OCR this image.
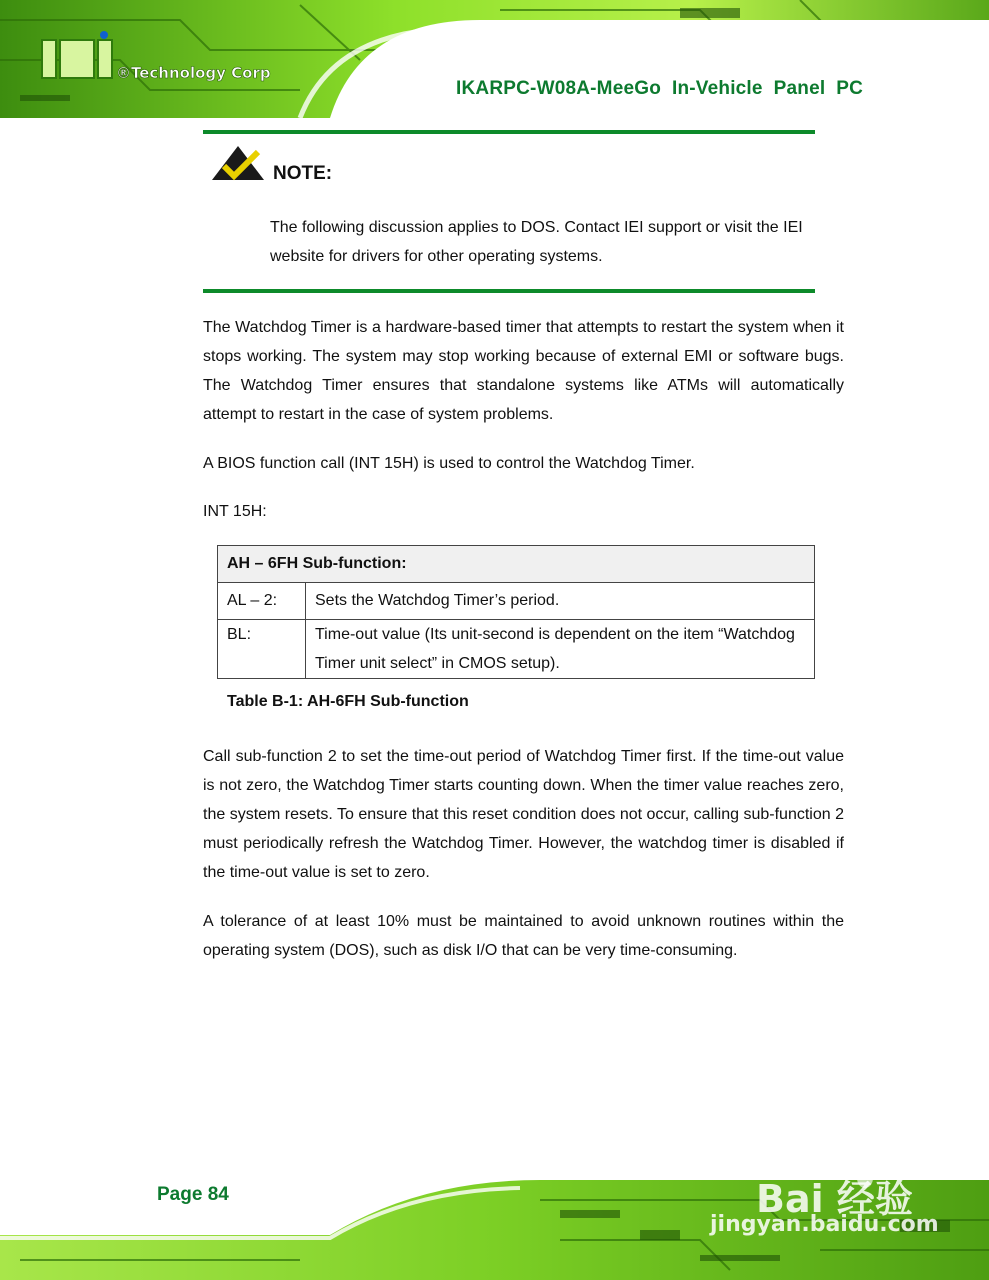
®Technology Corp
IKARPC-W08A-MeeGo  In-Vehicle  Panel  PC
NOTE:
The following discussion applies to DOS. Contact IEI support or visit the IEI website for drivers for other operating systems.
The Watchdog Timer is a hardware-based timer that attempts to restart the system when it stops working. The system may stop working because of external EMI or software bugs. The Watchdog Timer ensures that standalone systems like ATMs will automatically attempt to restart in the case of system problems.
A BIOS function call (INT 15H) is used to control the Watchdog Timer.
INT 15H:
AH – 6FH Sub-function:	
AL – 2:	Sets the Watchdog Timer’s period.
BL:	Time-out value (Its unit-second is dependent on the item “Watchdog Timer unit select” in CMOS setup).
Table B-1: AH-6FH Sub-function
Call sub-function 2 to set the time-out period of Watchdog Timer first. If the time-out value is not zero, the Watchdog Timer starts counting down. When the timer value reaches zero, the system resets. To ensure that this reset condition does not occur, calling sub-function 2 must periodically refresh the Watchdog Timer. However, the watchdog timer is disabled if the time-out value is set to zero.
A tolerance of at least 10% must be maintained to avoid unknown routines within the operating system (DOS), such as disk I/O that can be very time-consuming.
Page 84	Bai 经验
jingyan.baidu.com
